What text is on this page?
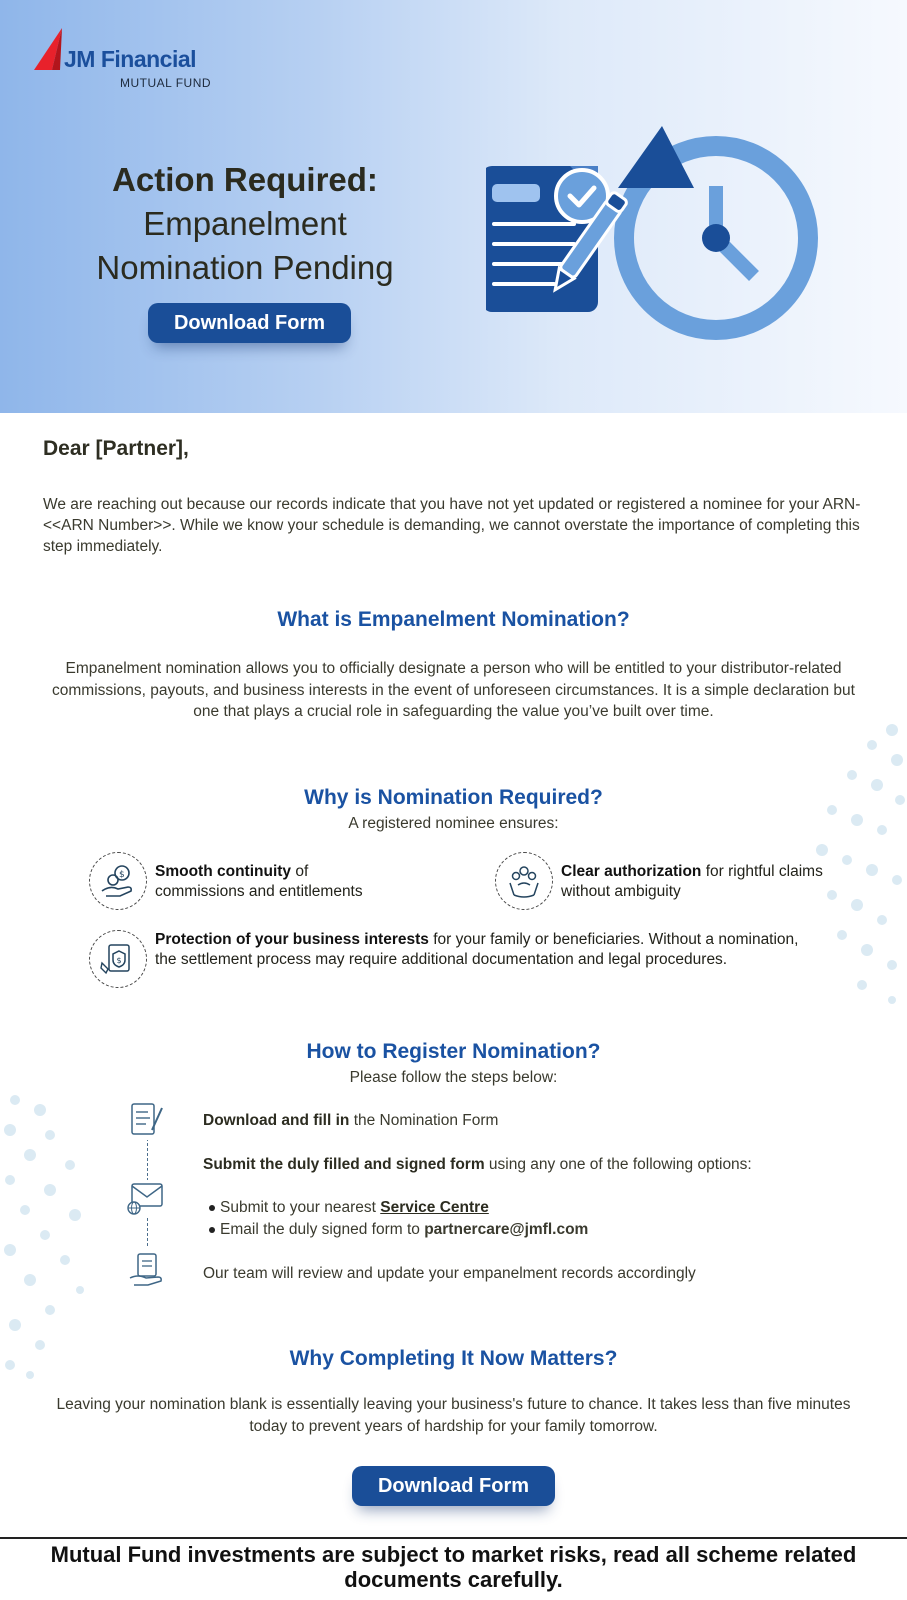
JM Financial
MUTUAL FUND
Action Required:
Empanelment
Nomination Pending
Download Form
Dear [Partner],

We are reaching out because our records indicate that you have not yet updated or registered a nominee for your ARN-<<ARN Number>>. While we know your schedule is demanding, we cannot overstate the importance of completing this step immediately.

What is Empanelment Nomination?

Empanelment nomination allows you to officially designate a person who will be entitled to your distributor-related commissions, payouts, and business interests in the event of unforeseen circumstances. It is a simple declaration but one that plays a crucial role in safeguarding the value you’ve built over time.

Why is Nomination Required?
A registered nominee ensures:
$ Smooth continuity of commissions and entitlements
Clear authorization for rightful claims without ambiguity
$
Protection of your business interests for your family or beneficiaries. Without a nomination, the settlement process may require additional documentation and legal procedures.
How to Register Nomination?
Please follow the steps below:
Download and fill in the Nomination Form
Submit the duly filled and signed form using any one of the following options:
Submit to your nearest Service Centre
Email the duly signed form to partnercare@jmfl.com
Our team will review and update your empanelment records accordingly
Why Completing It Now Matters?

Leaving your nomination blank is essentially leaving your business's future to chance. It takes less than five minutes today to prevent years of hardship for your family tomorrow.

Download Form
Mutual Fund investments are subject to market risks, read all scheme related documents carefully.
